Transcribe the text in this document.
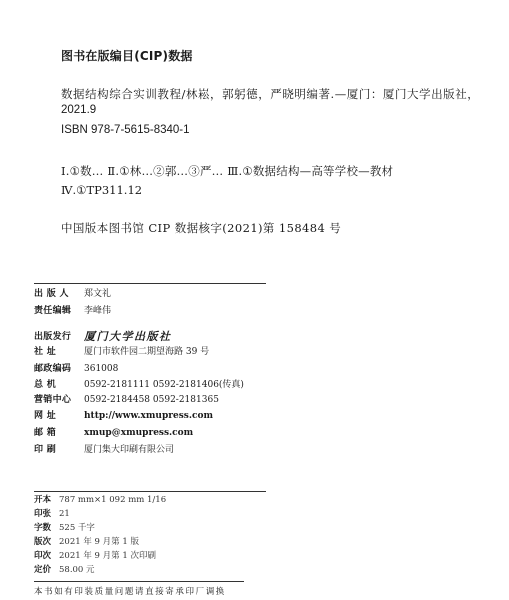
图书在版编目(CIP)数据
数据结构综合实训教程/林崧，郭躬德，严晓明编著.—厦门：厦门大学出版社，
2021.9
ISBN 978-7-5615-8340-1
Ⅰ.①数… Ⅱ.①林…②郭…③严… Ⅲ.①数据结构—高等学校—教材
Ⅳ.①TP311.12
中国版本图书馆 CIP 数据核字(2021)第 158484 号
出 版 人	郑文礼
责任编辑	李峰伟
出版发行	厦门大学出版社
社 址	厦门市软件园二期望海路 39 号
邮政编码	361008
总 机	0592-2181111 0592-2181406(传真)
营销中心	0592-2184458 0592-2181365
网 址	http://www.xmupress.com
邮 箱	xmup@xmupress.com
印 刷	厦门集大印刷有限公司
开本 787 mm×1 092 mm 1/16
印张 21
字数 525 千字
版次 2021 年 9 月第 1 版
印次 2021 年 9 月第 1 次印刷
定价 58.00 元
本书如有印装质量问题请直接寄承印厂调换
